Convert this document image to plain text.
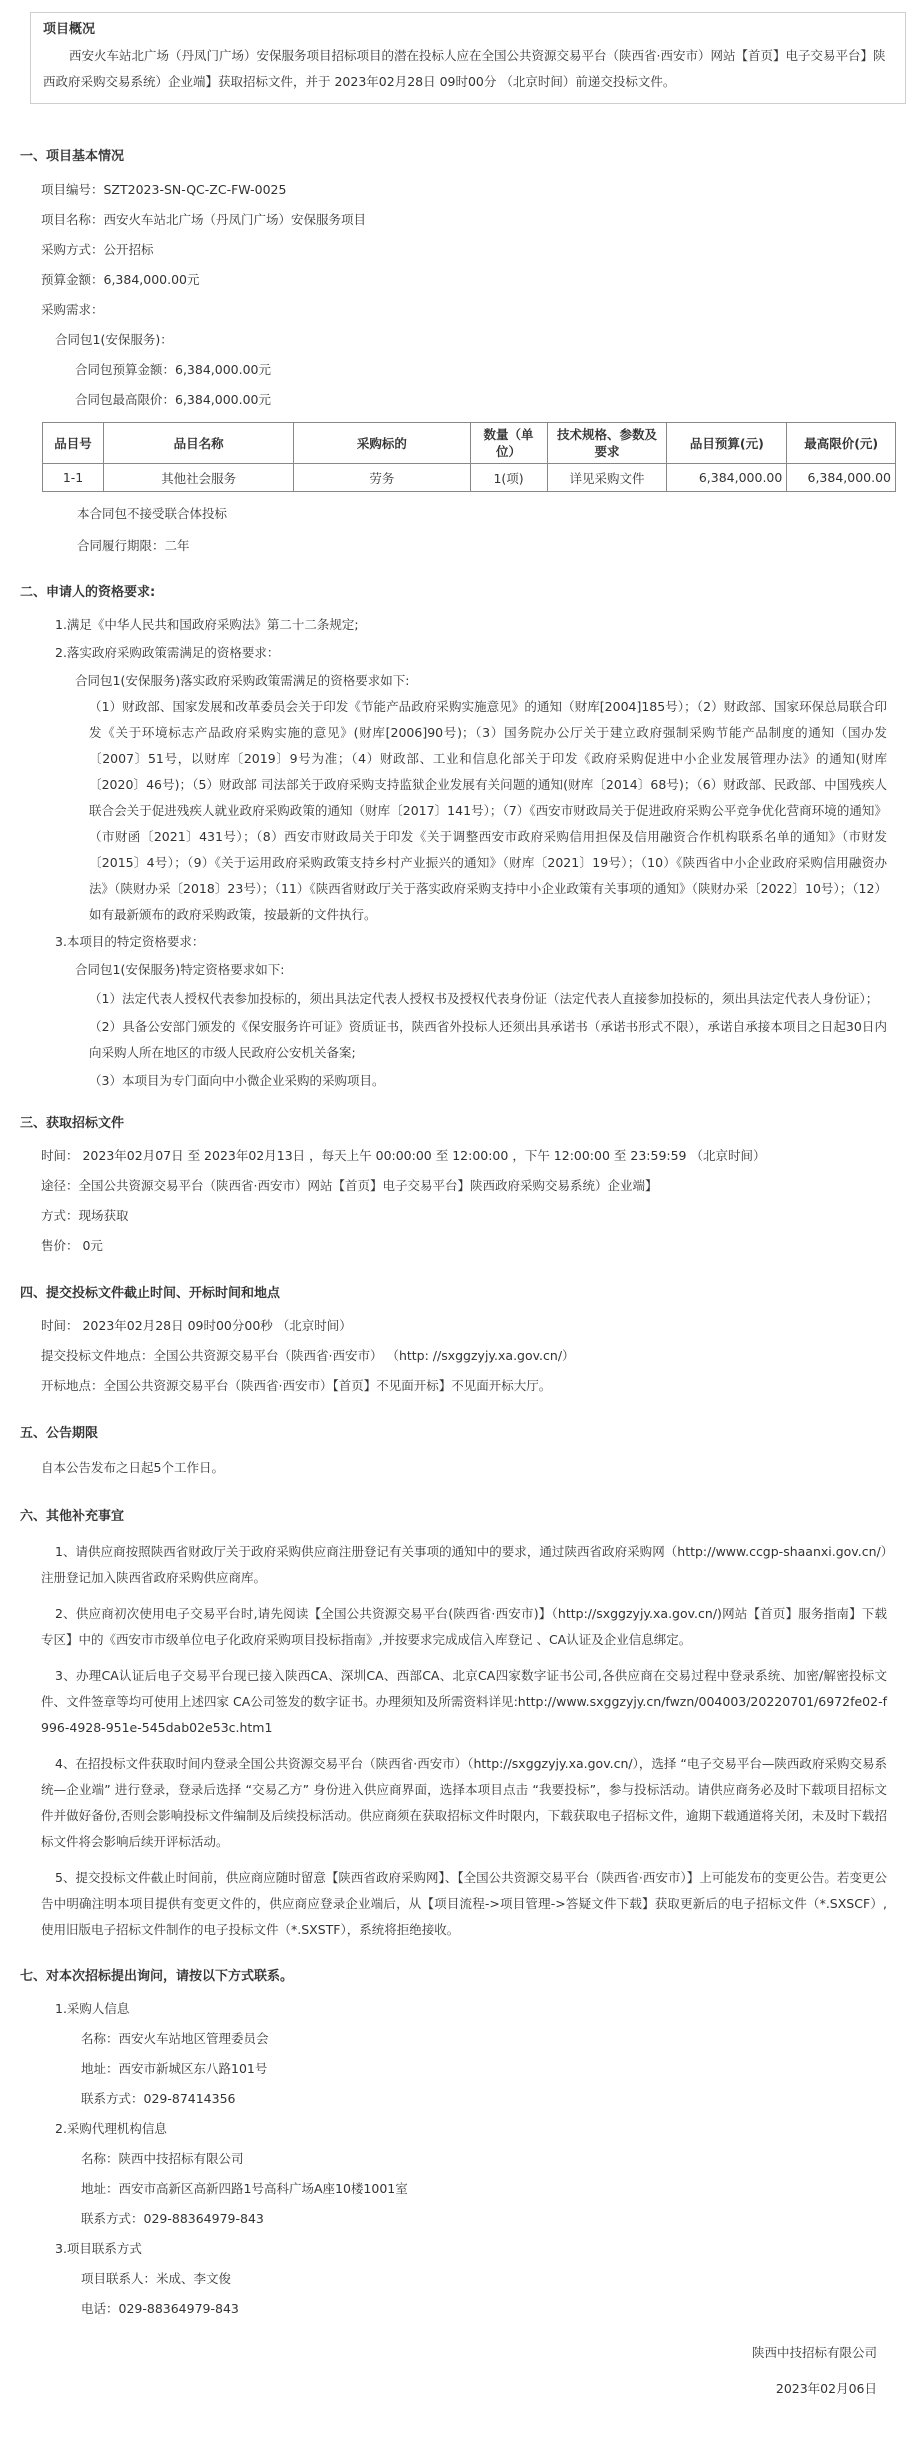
项目概况
西安火车站北广场（丹凤门广场）安保服务项目招标项目的潜在投标人应在全国公共资源交易平台（陕西省·西安市）网站【首页】电子交易平台】陕西政府采购交易系统）企业端】获取招标文件，并于 2023年02月28日 09时00分 （北京时间）前递交投标文件。
一、项目基本情况
项目编号：SZT2023-SN-QC-ZC-FW-0025
项目名称：西安火车站北广场（丹凤门广场）安保服务项目
采购方式：公开招标
预算金额：6,384,000.00元
采购需求：
合同包1(安保服务)：
合同包预算金额：6,384,000.00元
合同包最高限价：6,384,000.00元
品目号	品目名称	采购标的	数量（单位）	技术规格、参数及要求	品目预算(元)	最高限价(元)
1-1	其他社会服务	劳务	1(项)	详见采购文件	6,384,000.00	6,384,000.00
本合同包不接受联合体投标
合同履行期限：二年
二、申请人的资格要求:
1.满足《中华人民共和国政府采购法》第二十二条规定;
2.落实政府采购政策需满足的资格要求：
合同包1(安保服务)落实政府采购政策需满足的资格要求如下:
（1）财政部、国家发展和改革委员会关于印发《节能产品政府采购实施意见》的通知（财库[2004]185号）；（2）财政部、国家环保总局联合印发《关于环境标志产品政府采购实施的意见》(财库[2006]90号)；（3）国务院办公厅关于建立政府强制采购节能产品制度的通知（国办发〔2007〕51号，以财库〔2019〕9号为准；（4）财政部、工业和信息化部关于印发《政府采购促进中小企业发展管理办法》的通知(财库〔2020〕46号)；（5）财政部 司法部关于政府采购支持监狱企业发展有关问题的通知(财库〔2014〕68号)；（6）财政部、民政部、中国残疾人联合会关于促进残疾人就业政府采购政策的通知（财库〔2017〕141号）；（7）《西安市财政局关于促进政府采购公平竞争优化营商环境的通知》（市财函〔2021〕431号）；（8）西安市财政局关于印发《关于调整西安市政府采购信用担保及信用融资合作机构联系名单的通知》（市财发〔2015〕4号）；（9）《关于运用政府采购政策支持乡村产业振兴的通知》（财库〔2021〕19号）；（10）《陕西省中小企业政府采购信用融资办法》（陕财办采〔2018〕23号）；（11）《陕西省财政厅关于落实政府采购支持中小企业政策有关事项的通知》（陕财办采〔2022〕10号）；（12）如有最新颁布的政府采购政策，按最新的文件执行。
3.本项目的特定资格要求：
合同包1(安保服务)特定资格要求如下:
（1）法定代表人授权代表参加投标的，须出具法定代表人授权书及授权代表身份证（法定代表人直接参加投标的，须出具法定代表人身份证）；
（2）具备公安部门颁发的《保安服务许可证》资质证书，陕西省外投标人还须出具承诺书（承诺书形式不限），承诺自承接本项目之日起30日内向采购人所在地区的市级人民政府公安机关备案;
（3）本项目为专门面向中小微企业采购的采购项目。
三、获取招标文件
时间： 2023年02月07日 至 2023年02月13日 ，每天上午 00:00:00 至 12:00:00 ，下午 12:00:00 至 23:59:59 （北京时间）
途径：全国公共资源交易平台（陕西省·西安市）网站【首页】电子交易平台】陕西政府采购交易系统）企业端】
方式：现场获取
售价： 0元
四、提交投标文件截止时间、开标时间和地点
时间： 2023年02月28日 09时00分00秒 （北京时间）
提交投标文件地点：全国公共资源交易平台（陕西省·西安市） （http: //sxggzyjy.xa.gov.cn/）
开标地点：全国公共资源交易平台（陕西省·西安市）【首页】不见面开标】不见面开标大厅。
五、公告期限
自本公告发布之日起5个工作日。
六、其他补充事宜
1、请供应商按照陕西省财政厅关于政府采购供应商注册登记有关事项的通知中的要求，通过陕西省政府采购网（http://www.ccgp-shaanxi.gov.cn/）注册登记加入陕西省政府采购供应商库。
2、供应商初次使用电子交易平台时,请先阅读【全国公共资源交易平台(陕西省·西安市)】（http://sxggzyjy.xa.gov.cn/)网站【首页】服务指南】下载专区】中的《西安市市级单位电子化政府采购项目投标指南》,并按要求完成成信入库登记 、CA认证及企业信息绑定。
3、办理CA认证后电子交易平台现已接入陕西CA、深圳CA、西部CA、北京CA四家数字证书公司,各供应商在交易过程中登录系统、加密/解密投标文件、文件签章等均可使用上述四家 CA公司签发的数字证书。办理须知及所需资料详见:http://www.sxggzyjy.cn/fwzn/004003/20220701/6972fe02-f996-4928-951e-545dab02e53c.htm1
4、在招投标文件获取时间内登录全国公共资源交易平台（陕西省·西安市）（http://sxggzyjy.xa.gov.cn/），选择 “电子交易平台—陕西政府采购交易系统—企业端” 进行登录，登录后选择 “交易乙方” 身份进入供应商界面，选择本项目点击 “我要投标”，参与投标活动。请供应商务必及时下载项目招标文件并做好备份,否则会影响投标文件编制及后续投标活动。供应商须在获取招标文件时限内，下载获取电子招标文件，逾期下载通道将关闭，未及时下载招标文件将会影响后续开评标活动。
5、提交投标文件截止时间前，供应商应随时留意【陕西省政府采购网】、【全国公共资源交易平台（陕西省·西安市）】上可能发布的变更公告。若变更公告中明确注明本项目提供有变更文件的，供应商应登录企业端后，从【项目流程->项目管理->答疑文件下载】获取更新后的电子招标文件（*.SXSCF）,使用旧版电子招标文件制作的电子投标文件（*.SXSTF），系统将拒绝接收。
七、对本次招标提出询问，请按以下方式联系。
1.采购人信息
名称：西安火车站地区管理委员会
地址：西安市新城区东八路101号
联系方式：029-87414356
2.采购代理机构信息
名称：陕西中技招标有限公司
地址：西安市高新区高新四路1号高科广场A座10楼1001室
联系方式：029-88364979-843
3.项目联系方式
项目联系人：米成、李文俊
电话：029-88364979-843
陕西中技招标有限公司
2023年02月06日
